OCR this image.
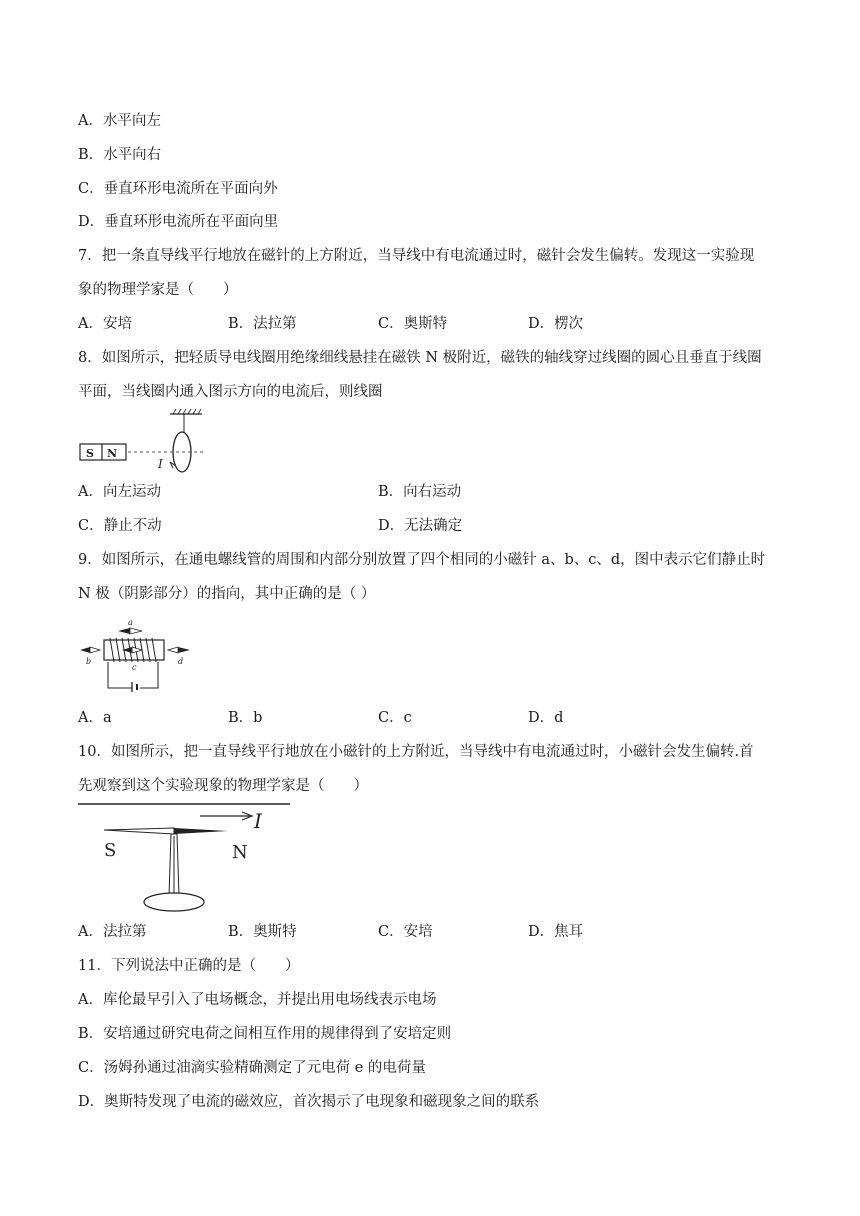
A．水平向左
B．水平向右
C．垂直环形电流所在平面向外
D．垂直环形电流所在平面向里
7．把一条直导线平行地放在磁针的上方附近，当导线中有电流通过时，磁针会发生偏转。发现这一实验现
象的物理学家是（　　）
A．安培	B．法拉第	C．奥斯特	D．楞次
8．如图所示，把轻质导电线圈用绝缘细线悬挂在磁铁 N 极附近，磁铁的轴线穿过线圈的圆心且垂直于线圈
平面，当线圈内通入图示方向的电流后，则线圈
S N
I
A．向左运动	B．向右运动
C．静止不动	D．无法确定
9．如图所示，在通电螺线管的周围和内部分别放置了四个相同的小磁针 a、b、c、d，图中表示它们静止时
N 极（阴影部分）的指向，其中正确的是（ ）
a
b
c
d
A．a	B．b	C．c	D．d
10．如图所示，把一直导线平行地放在小磁针的上方附近，当导线中有电流通过时，小磁针会发生偏转.首
先观察到这个实验现象的物理学家是（　　）
I
S	N
A．法拉第	B．奥斯特	C．安培	D．焦耳
11．下列说法中正确的是（　　）
A．库伦最早引入了电场概念，并提出用电场线表示电场
B．安培通过研究电荷之间相互作用的规律得到了安培定则
C．汤姆孙通过油滴实验精确测定了元电荷 e 的电荷量
D．奥斯特发现了电流的磁效应，首次揭示了电现象和磁现象之间的联系
